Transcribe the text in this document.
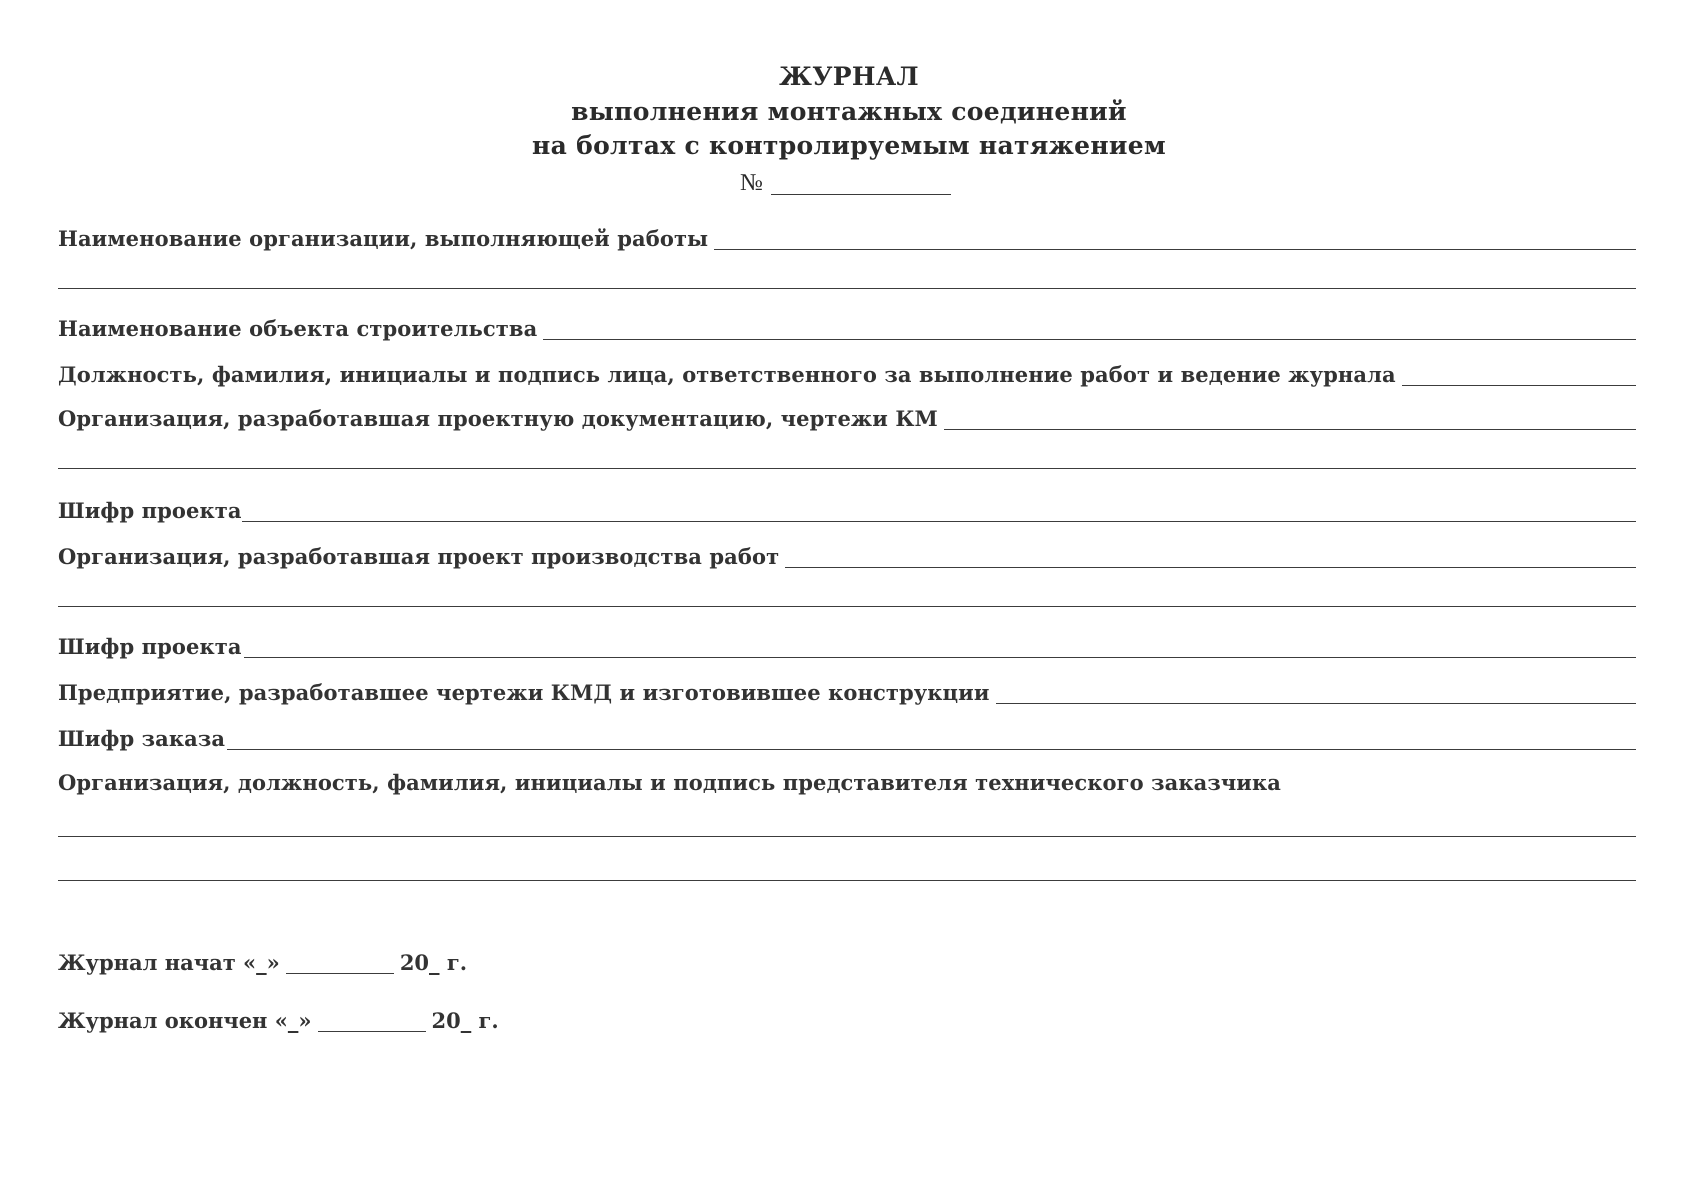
ЖУРНАЛ
выполнения монтажных соединений
на болтах с контролируемым натяжением
№
Наименование организации, выполняющей работы
Наименование объекта строительства
Должность, фамилия, инициалы и подпись лица, ответственного за выполнение работ и ведение журнала
Организация, разработавшая проектную документацию, чертежи КМ
Шифр проекта
Организация, разработавшая проект производства работ
Шифр проекта
Предприятие, разработавшее чертежи КМД и изготовившее конструкции
Шифр заказа
Организация, должность, фамилия, инициалы и подпись представителя технического заказчика
Журнал начат «_»	20_ г.
Журнал окончен «_»	20_ г.
